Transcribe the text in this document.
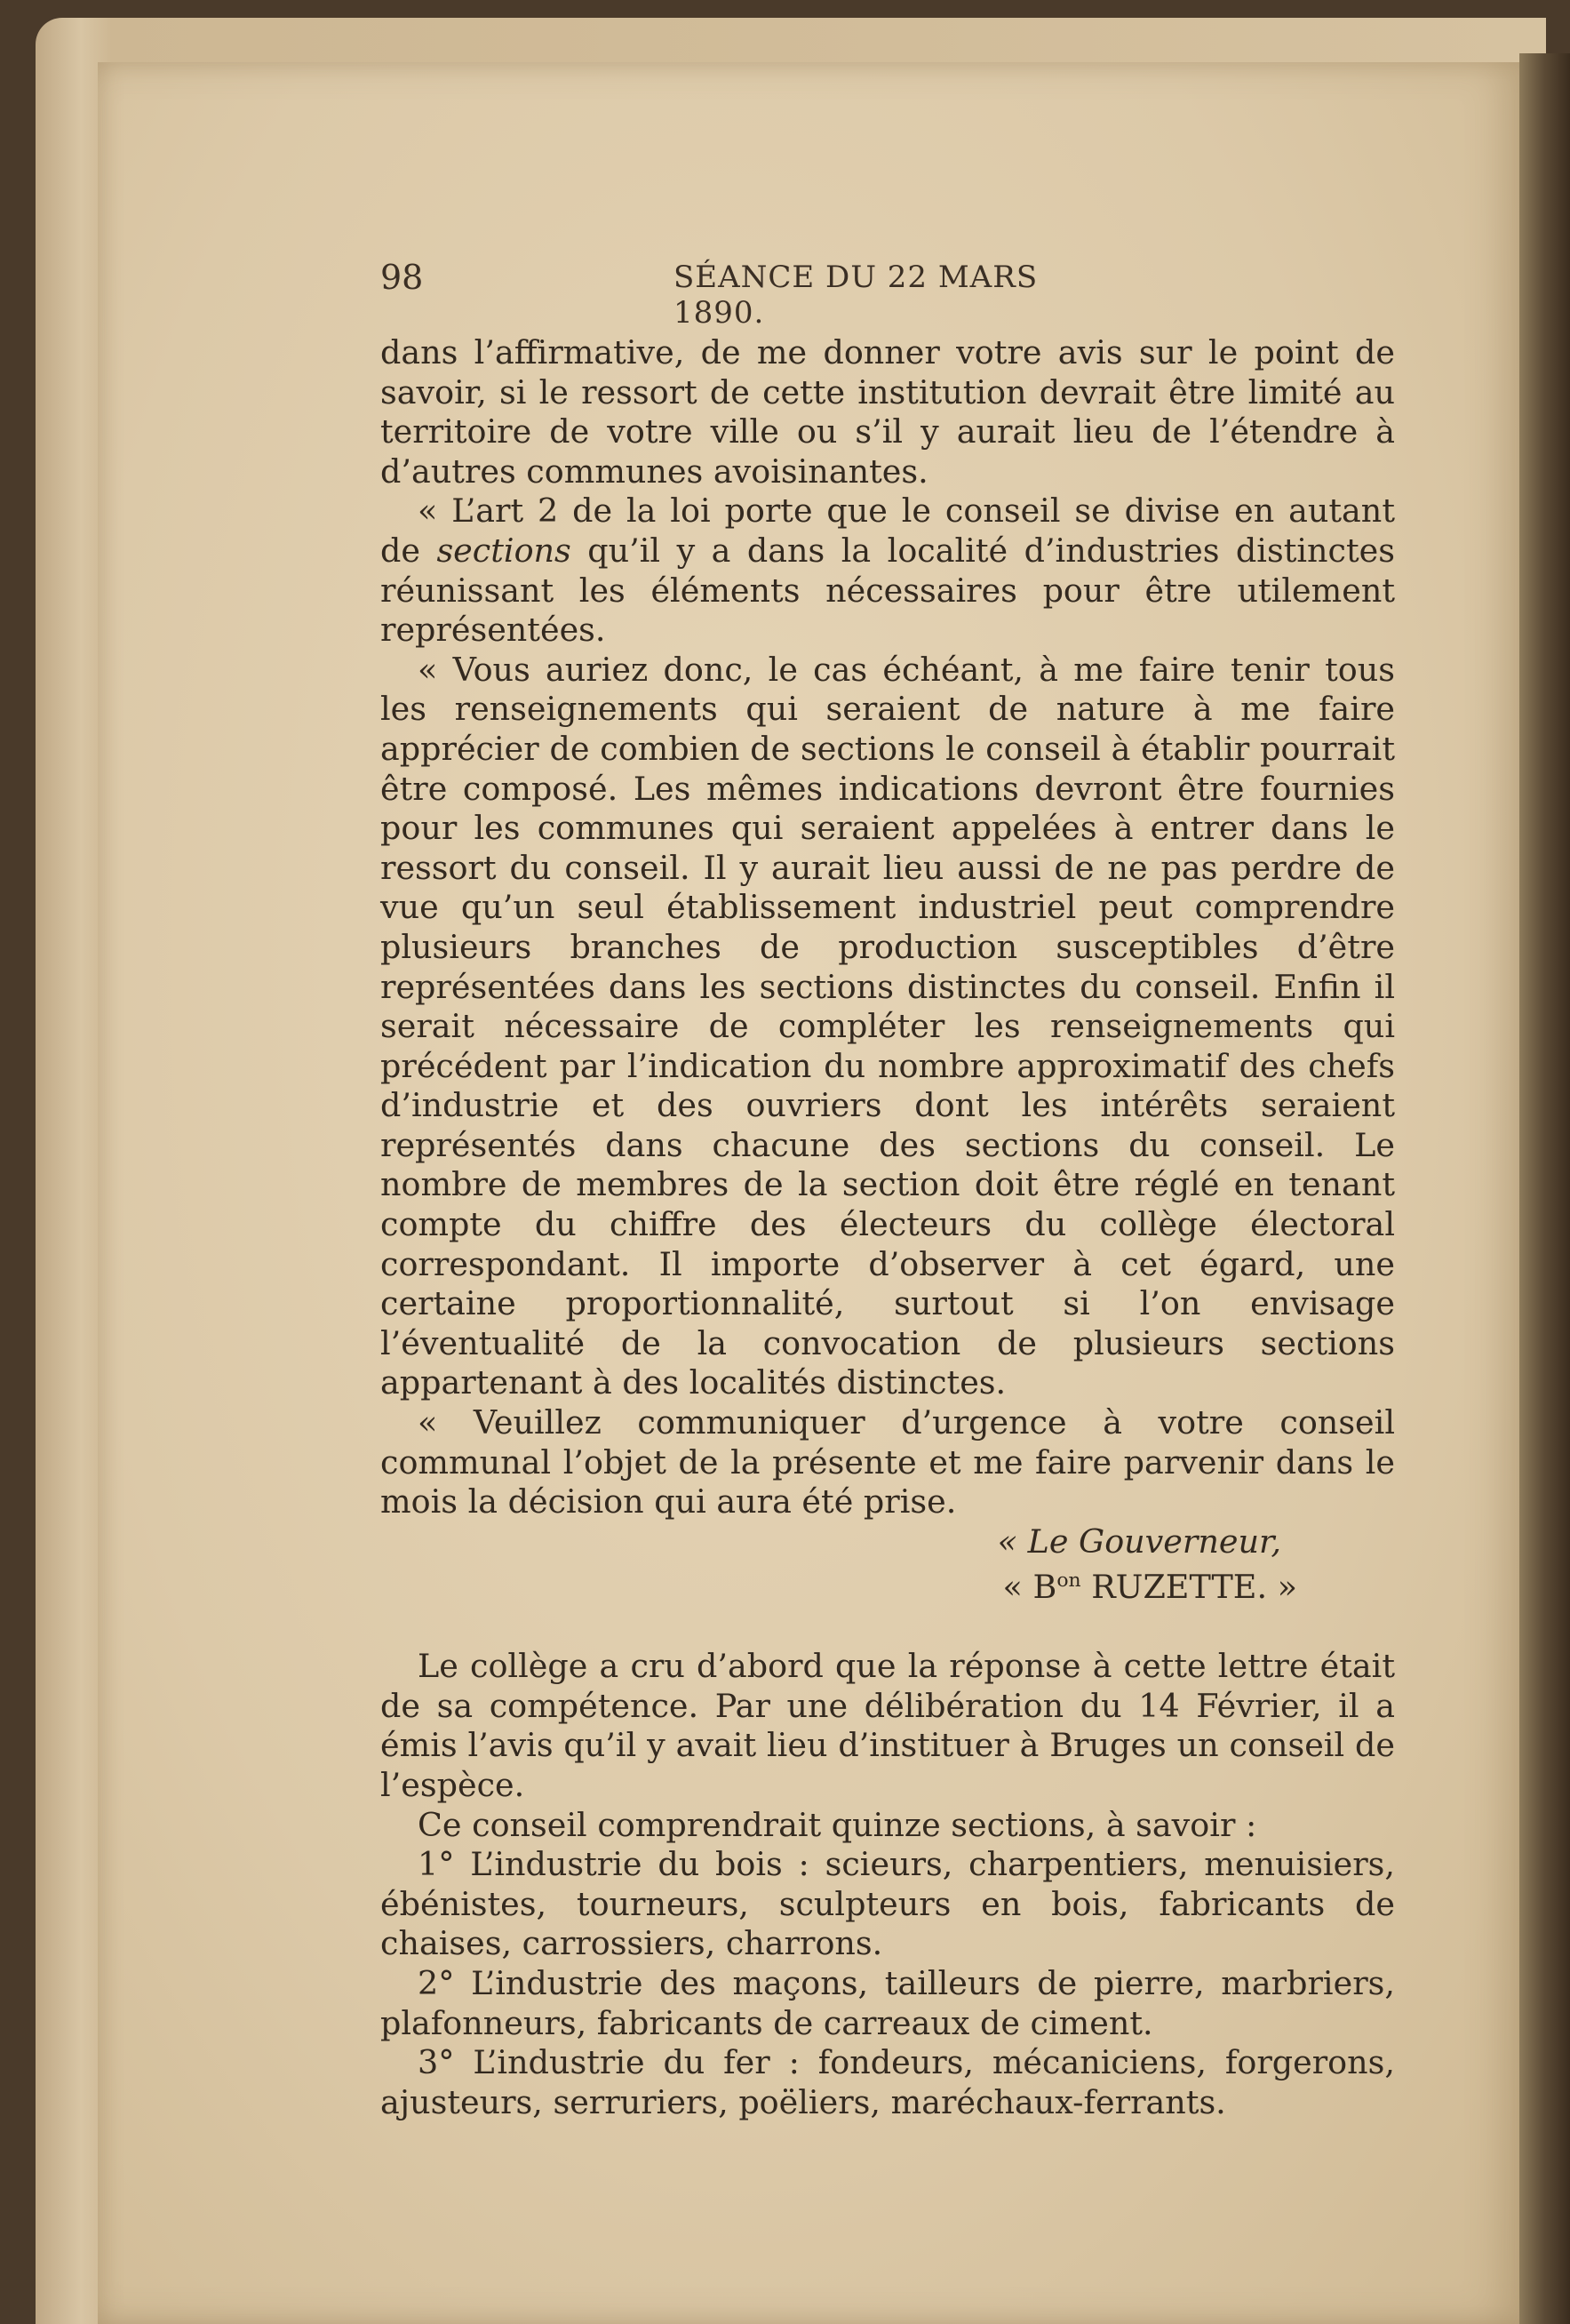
98	SÉANCE DU 22 MARS 1890.

dans l’affirmative, de me donner votre avis sur le point de savoir, si le ressort de cette institution devrait être limité au territoire de votre ville ou s’il y aurait lieu de l’étendre à d’autres communes avoisinantes.

« L’art 2 de la loi porte que le conseil se divise en autant de sections qu’il y a dans la localité d’industries distinctes réunissant les éléments nécessaires pour être utilement représentées.

« Vous auriez donc, le cas échéant, à me faire tenir tous les renseignements qui seraient de nature à me faire apprécier de combien de sections le conseil à établir pourrait être composé. Les mêmes indications devront être fournies pour les communes qui seraient appelées à entrer dans le ressort du conseil. Il y aurait lieu aussi de ne pas perdre de vue qu’un seul établissement industriel peut comprendre plusieurs branches de production susceptibles d’être représentées dans les sections distinctes du conseil. Enfin il serait nécessaire de compléter les renseignements qui précédent par l’indication du nombre approximatif des chefs d’industrie et des ouvriers dont les intérêts seraient représentés dans chacune des sections du conseil. Le nombre de membres de la section doit être réglé en tenant compte du chiffre des électeurs du collège électoral correspondant. Il importe d’observer à cet égard, une certaine proportionnalité, surtout si l’on envisage l’éventualité de la convocation de plusieurs sections appartenant à des localités distinctes.

« Veuillez communiquer d’urgence à votre conseil communal l’objet de la présente et me faire parvenir dans le mois la décision qui aura été prise.

« Le Gouverneur,

« $B^{on}$ RUZETTE. »

Le collège a cru d’abord que la réponse à cette lettre était de sa compétence. Par une délibération du 14 Février, il a émis l’avis qu’il y avait lieu d’instituer à Bruges un conseil de l’espèce.

Ce conseil comprendrait quinze sections, à savoir :

1° L’industrie du bois : scieurs, charpentiers, menuisiers, ébénistes, tourneurs, sculpteurs en bois, fabricants de chaises, carrossiers, charrons.

2° L’industrie des maçons, tailleurs de pierre, marbriers, plafonneurs, fabricants de carreaux de ciment.

3° L’industrie du fer : fondeurs, mécaniciens, forgerons, ajusteurs, serruriers, poëliers, maréchaux-ferrants.
